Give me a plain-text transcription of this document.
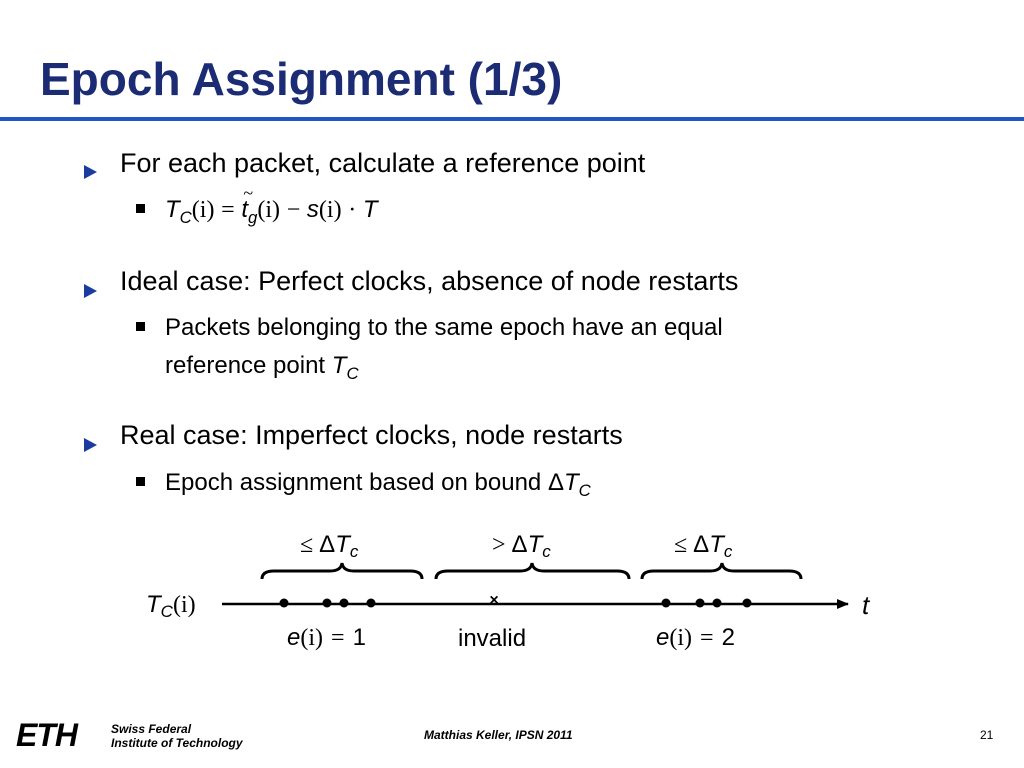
Epoch Assignment (1/3)
For each packet, calculate a reference point
$T_C(i)$ =
~
$t_g(i) - s(i) \cdot T$
Ideal case: Perfect clocks, absence of node restarts
Packets belonging to the same epoch have an equal
reference point $T_C$
Real case: Imperfect clocks, node restarts
Epoch assignment based on bound $\Delta T_C$
≤ $\Delta T_c$	> $\Delta T_c$	≤ $\Delta T_c$
$T_C(i)$	t
×
e(i) = 1	invalid	e(i) = 2
ETH	Swiss Federal
Institute of Technology
Matthias Keller, IPSN 2011	21
